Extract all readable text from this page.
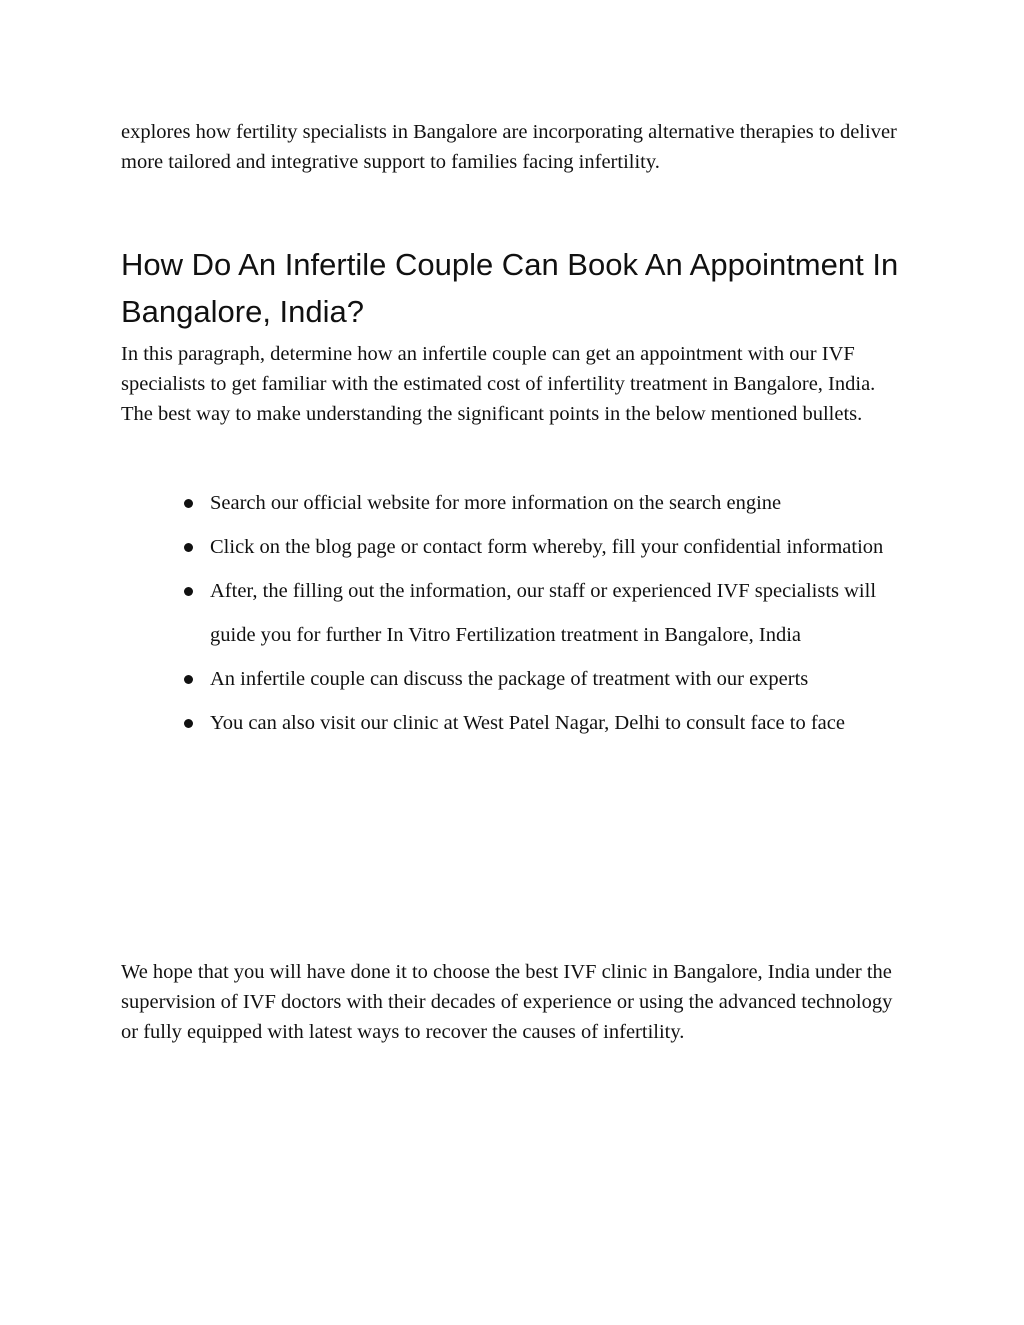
explores how fertility specialists in Bangalore are incorporating alternative therapies to deliver more tailored and integrative support to families facing infertility.

How Do An Infertile Couple Can Book An Appointment In Bangalore, India?

In this paragraph, determine how an infertile couple can get an appointment with our IVF specialists to get familiar with the estimated cost of infertility treatment in Bangalore, India. The best way to make understanding the significant points in the below mentioned bullets.

Search our official website for more information on the search engine
Click on the blog page or contact form whereby, fill your confidential information
After, the filling out the information, our staff or experienced IVF specialists will guide you for further In Vitro Fertilization treatment in Bangalore, India
An infertile couple can discuss the package of treatment with our experts
You can also visit our clinic at West Patel Nagar, Delhi to consult face to face

We hope that you will have done it to choose the best IVF clinic in Bangalore, India under the supervision of IVF doctors with their decades of experience or using the advanced technology or fully equipped with latest ways to recover the causes of infertility.
